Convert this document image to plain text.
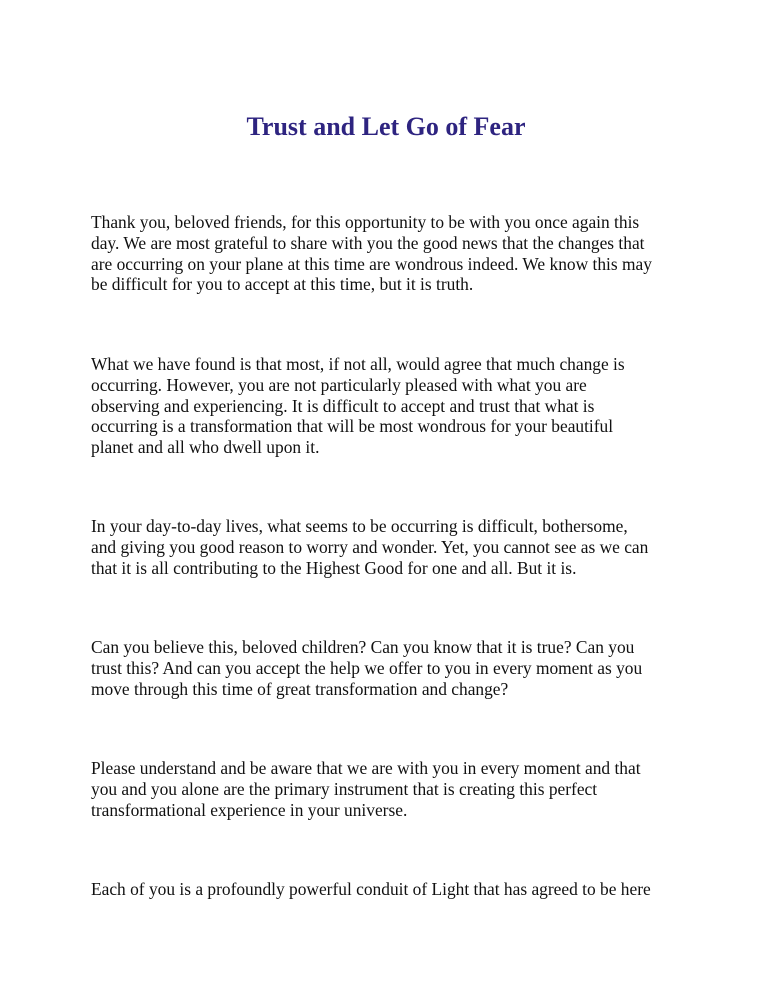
Trust and Let Go of Fear

Thank you, beloved friends, for this opportunity to be with you once again this
day. We are most grateful to share with you the good news that the changes that
are occurring on your plane at this time are wondrous indeed. We know this may
be difficult for you to accept at this time, but it is truth.

What we have found is that most, if not all, would agree that much change is
occurring. However, you are not particularly pleased with what you are
observing and experiencing. It is difficult to accept and trust that what is
occurring is a transformation that will be most wondrous for your beautiful
planet and all who dwell upon it.

In your day-to-day lives, what seems to be occurring is difficult, bothersome,
and giving you good reason to worry and wonder. Yet, you cannot see as we can
that it is all contributing to the Highest Good for one and all. But it is.

Can you believe this, beloved children? Can you know that it is true? Can you
trust this? And can you accept the help we offer to you in every moment as you
move through this time of great transformation and change?

Please understand and be aware that we are with you in every moment and that
you and you alone are the primary instrument that is creating this perfect
transformational experience in your universe.

Each of you is a profoundly powerful conduit of Light that has agreed to be here
